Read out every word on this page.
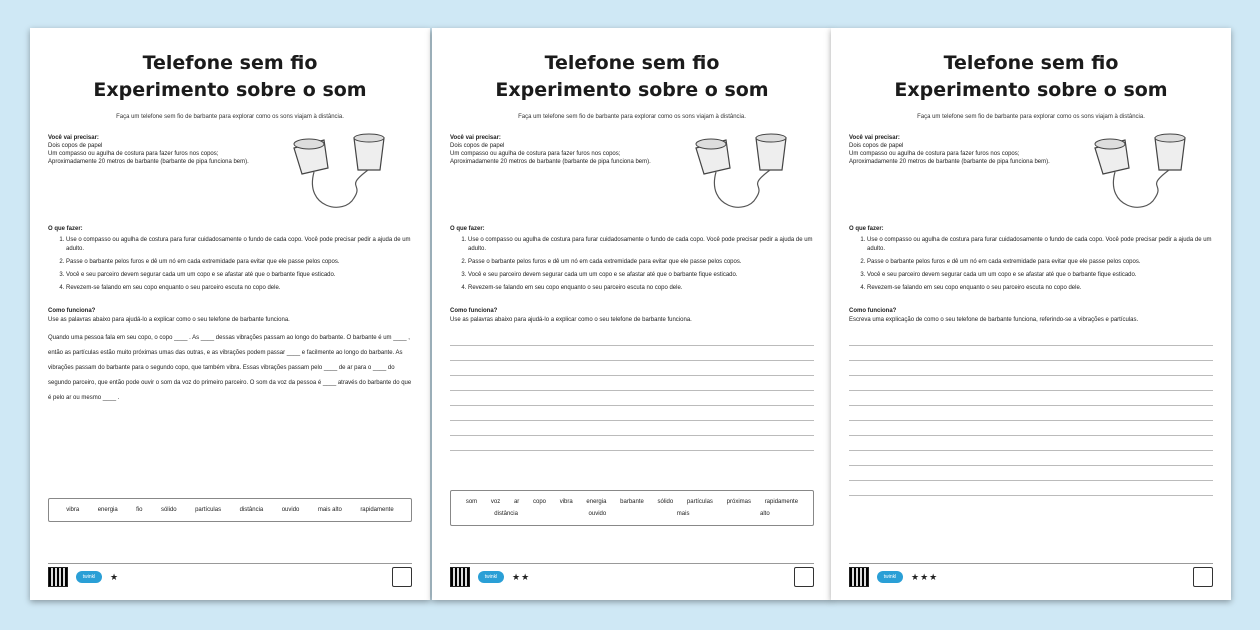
Telefone sem fio

Experimento sobre o som

Faça um telefone sem fio de barbante para explorar como os sons viajam à distância.

Você vai precisar:
Dois copos de papel
Um compasso ou agulha de costura para fazer furos nos copos;
Aproximadamente 20 metros de barbante (barbante de pipa funciona bem).
O que fazer:
1. Use o compasso ou agulha de costura para furar cuidadosamente o fundo de cada copo. Você pode precisar pedir a ajuda de um adulto.
2. Passe o barbante pelos furos e dê um nó em cada extremidade para evitar que ele passe pelos copos.
3. Você e seu parceiro devem segurar cada um um copo e se afastar até que o barbante fique esticado.
4. Revezem-se falando em seu copo enquanto o seu parceiro escuta no copo dele.
Como funciona?
Use as palavras abaixo para ajudá-lo a explicar como o seu telefone de barbante funciona.
Quando uma pessoa fala em seu copo, o copo ____ . As ____ dessas vibrações passam ao longo do barbante. O barbante é um ____ , então as partículas estão muito próximas umas das outras, e as vibrações podem passar ____ e facilmente ao longo do barbante. As vibrações passam do barbante para o segundo copo, que também vibra. Essas vibrações passam pelo ____ de ar para o ____ do segundo parceiro, que então pode ouvir o som da voz do primeiro parceiro. O som da voz da pessoa é ____ através do barbante do que é pelo ar ou mesmo ____ .
vibra	energia	fio	sólido	partículas	distância	ouvido	mais alto	rapidamente
twinkl	★

Telefone sem fio

Experimento sobre o som

Faça um telefone sem fio de barbante para explorar como os sons viajam à distância.

Você vai precisar:
Dois copos de papel
Um compasso ou agulha de costura para fazer furos nos copos;
Aproximadamente 20 metros de barbante (barbante de pipa funciona bem).
O que fazer:
1. Use o compasso ou agulha de costura para furar cuidadosamente o fundo de cada copo. Você pode precisar pedir a ajuda de um adulto.
2. Passe o barbante pelos furos e dê um nó em cada extremidade para evitar que ele passe pelos copos.
3. Você e seu parceiro devem segurar cada um um copo e se afastar até que o barbante fique esticado.
4. Revezem-se falando em seu copo enquanto o seu parceiro escuta no copo dele.
Como funciona?
Use as palavras abaixo para ajudá-lo a explicar como o seu telefone de barbante funciona.
som voz ar copo vibra energia barbante sólido partículas próximas rapidamente
distância	ouvido	mais	alto
twinkl	★★

Telefone sem fio

Experimento sobre o som

Faça um telefone sem fio de barbante para explorar como os sons viajam à distância.

Você vai precisar:
Dois copos de papel
Um compasso ou agulha de costura para fazer furos nos copos;
Aproximadamente 20 metros de barbante (barbante de pipa funciona bem).
O que fazer:
1. Use o compasso ou agulha de costura para furar cuidadosamente o fundo de cada copo. Você pode precisar pedir a ajuda de um adulto.
2. Passe o barbante pelos furos e dê um nó em cada extremidade para evitar que ele passe pelos copos.
3. Você e seu parceiro devem segurar cada um um copo e se afastar até que o barbante fique esticado.
4. Revezem-se falando em seu copo enquanto o seu parceiro escuta no copo dele.
Como funciona?
Escreva uma explicação de como o seu telefone de barbante funciona, referindo-se a vibrações e partículas.
twinkl	★★★
